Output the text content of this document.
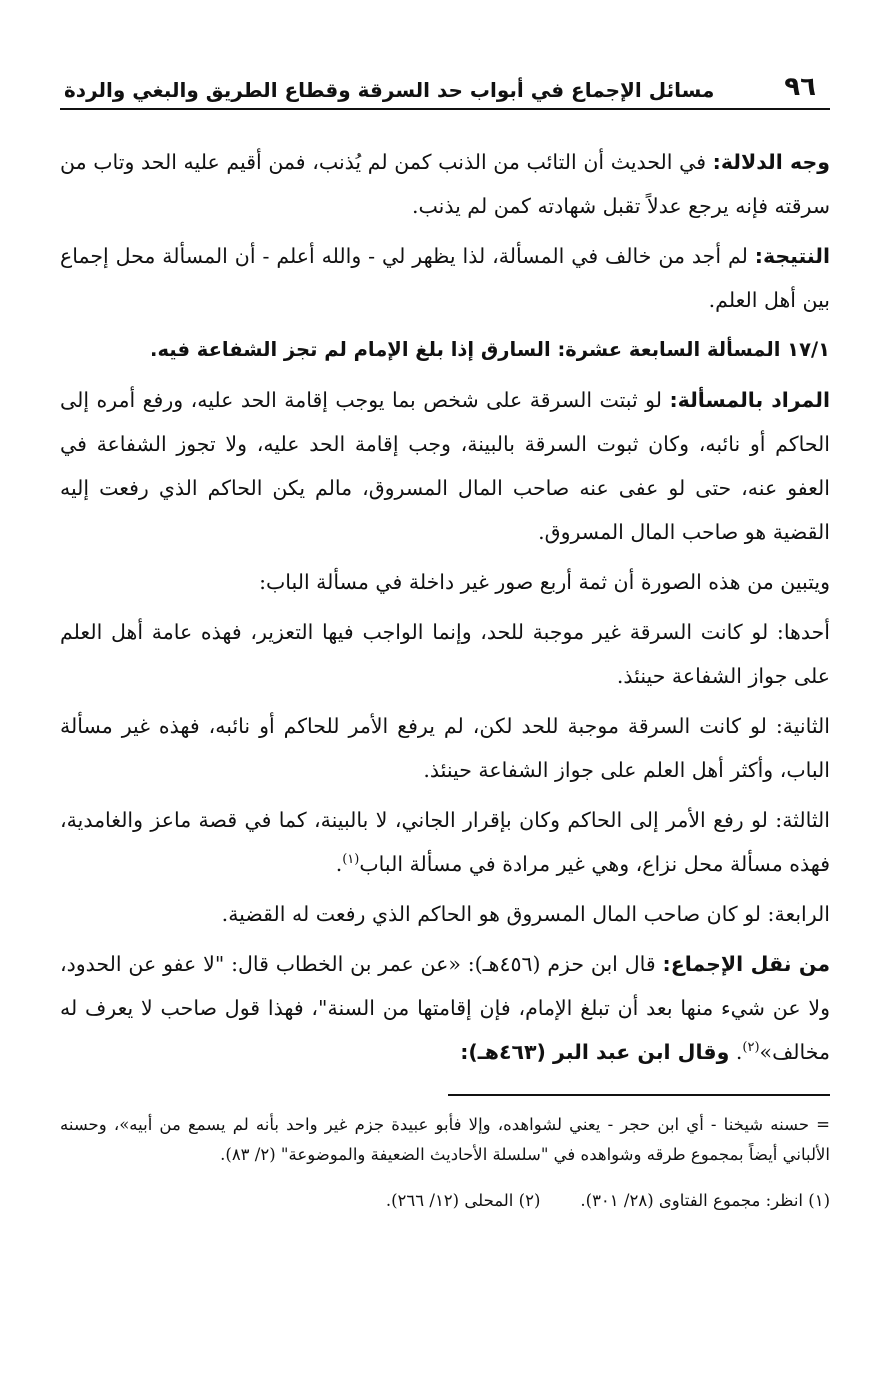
٩٦
مسائل الإجماع في أبواب حد السرقة وقطاع الطريق والبغي والردة

وجه الدلالة: في الحديث أن التائب من الذنب كمن لم يُذنب، فمن أقيم عليه الحد وتاب من سرقته فإنه يرجع عدلاً تقبل شهادته كمن لم يذنب.

النتيجة: لم أجد من خالف في المسألة، لذا يظهر لي - والله أعلم - أن المسألة محل إجماع بين أهل العلم.

١٧/١ المسألة السابعة عشرة: السارق إذا بلغ الإمام لم تجز الشفاعة فيه.

المراد بالمسألة: لو ثبتت السرقة على شخص بما يوجب إقامة الحد عليه، ورفع أمره إلى الحاكم أو نائبه، وكان ثبوت السرقة بالبينة، وجب إقامة الحد عليه، ولا تجوز الشفاعة في العفو عنه، حتى لو عفى عنه صاحب المال المسروق، مالم يكن الحاكم الذي رفعت إليه القضية هو صاحب المال المسروق.

ويتبين من هذه الصورة أن ثمة أربع صور غير داخلة في مسألة الباب:

أحدها: لو كانت السرقة غير موجبة للحد، وإنما الواجب فيها التعزير، فهذه عامة أهل العلم على جواز الشفاعة حينئذ.

الثانية: لو كانت السرقة موجبة للحد لكن، لم يرفع الأمر للحاكم أو نائبه، فهذه غير مسألة الباب، وأكثر أهل العلم على جواز الشفاعة حينئذ.

الثالثة: لو رفع الأمر إلى الحاكم وكان بإقرار الجاني، لا بالبينة، كما في قصة ماعز والغامدية، فهذه مسألة محل نزاع، وهي غير مرادة في مسألة الباب$^{(١)}$.

الرابعة: لو كان صاحب المال المسروق هو الحاكم الذي رفعت له القضية.

من نقل الإجماع: قال ابن حزم (٤٥٦هـ): «عن عمر بن الخطاب قال: "لا عفو عن الحدود، ولا عن شيء منها بعد أن تبلغ الإمام، فإن إقامتها من السنة"، فهذا قول صاحب لا يعرف له مخالف»$^{(٢)}$. وقال ابن عبد البر (٤٦٣هـ):

= حسنه شيخنا - أي ابن حجر - يعني لشواهده، وإلا فأبو عبيدة جزم غير واحد بأنه لم يسمع من أبيه»، وحسنه الألباني أيضاً بمجموع طرقه وشواهده في "سلسلة الأحاديث الضعيفة والموضوعة" (٢/ ٨٣).

(١) انظر: مجموع الفتاوى (٢٨/ ٣٠١).
(٢) المحلى (١٢/ ٢٦٦).
